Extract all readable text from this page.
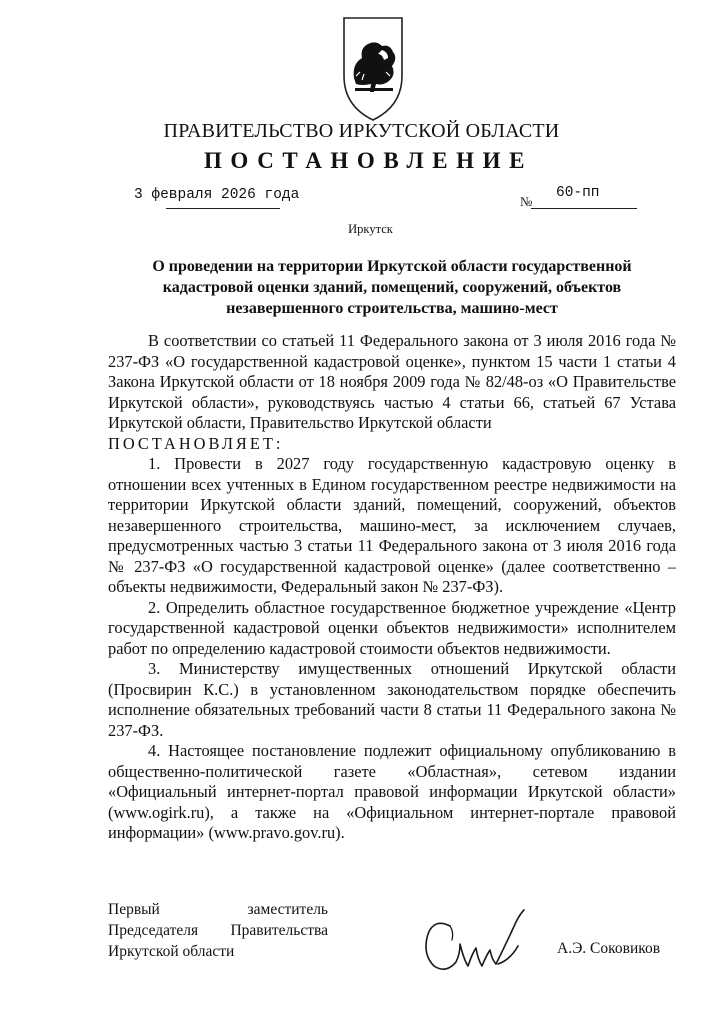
ПРАВИТЕЛЬСТВО ИРКУТСКОЙ ОБЛАСТИ
ПОСТАНОВЛЕНИЕ
3 февраля 2026 года	№
60-пп
Иркутск
О проведении на территории Иркутской области государственной
кадастровой оценки зданий, помещений, сооружений, объектов
незавершенного строительства, машино-мест

В соответствии со статьей 11 Федерального закона от 3 июля 2016 года № 237-ФЗ «О государственной кадастровой оценке», пунктом 15 части 1 статьи 4 Закона Иркутской области от 18 ноября 2009 года № 82/48-оз «О Правительстве Иркутской области», руководствуясь частью 4 статьи 66, статьей 67 Устава Иркутской области, Правительство Иркутской области

ПОСТАНОВЛЯЕТ:

1. Провести в 2027 году государственную кадастровую оценку в отношении всех учтенных в Едином государственном реестре недвижимости на территории Иркутской области зданий, помещений, сооружений, объектов незавершенного строительства, машино-мест, за исключением случаев, предусмотренных частью 3 статьи 11 Федерального закона от 3 июля 2016 года № 237-ФЗ «О государственной кадастровой оценке» (далее соответственно – объекты недвижимости, Федеральный закон № 237-ФЗ).

2. Определить областное государственное бюджетное учреждение «Центр государственной кадастровой оценки объектов недвижимости» исполнителем работ по определению кадастровой стоимости объектов недвижимости.

3. Министерству имущественных отношений Иркутской области (Просвирин К.С.) в установленном законодательством порядке обеспечить исполнение обязательных требований части 8 статьи 11 Федерального закона № 237-ФЗ.

4. Настоящее постановление подлежит официальному опубликованию в общественно-политической газете «Областная», сетевом издании «Официальный интернет-портал правовой информации Иркутской области» (www.ogirk.ru), а также на «Официальном интернет-портале правовой информации» (www.pravo.gov.ru).

Первый	заместитель
Председателя Правительства
Иркутской области	А.Э. Соковиков
